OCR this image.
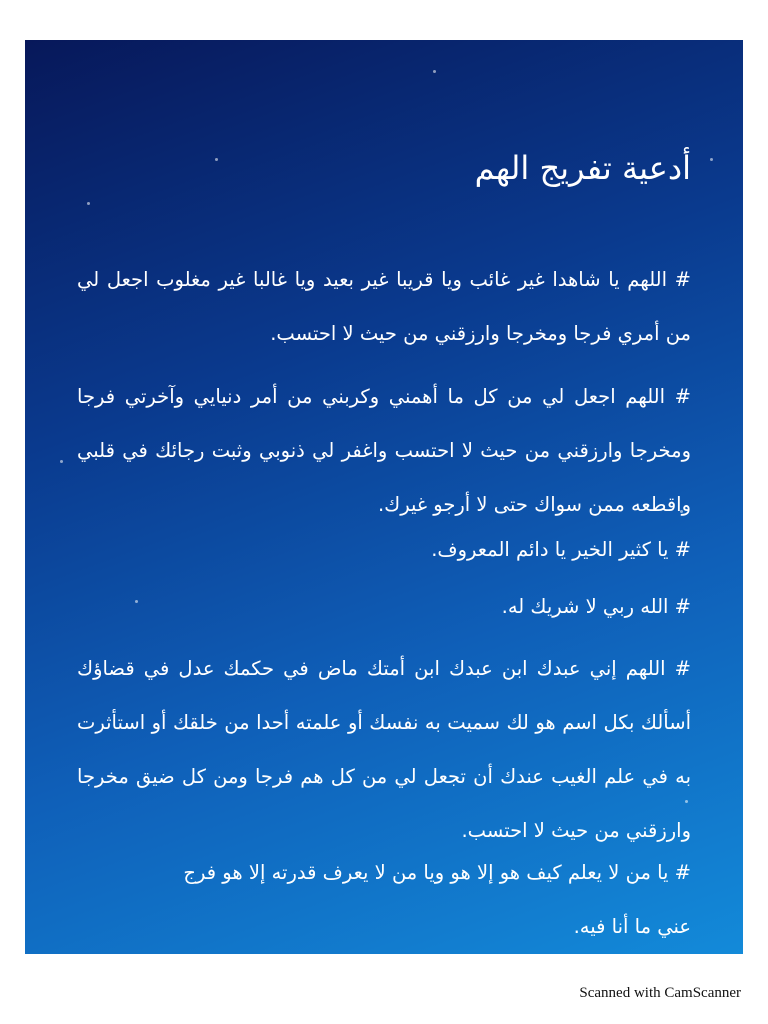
أدعية تفريج الهم
# اللهم يا شاهدا غير غائب ويا قريبا غير بعيد ويا غالبا غير مغلوب اجعل لي من أمري فرجا ومخرجا وارزقني من حيث لا احتسب.
# اللهم اجعل لي من كل ما أهمني وكربني من أمر دنيايي وآخرتي فرجا ومخرجا وارزقني من حيث لا احتسب واغفر لي ذنوبي وثبت رجائك في قلبي واقطعه ممن سواك حتى لا أرجو غيرك.
# يا كثير الخير يا دائم المعروف.
# الله ربي لا شريك له.
# اللهم إني عبدك ابن عبدك ابن أمتك ماض في حكمك عدل في قضاؤك أسألك بكل اسم هو لك سميت به نفسك أو علمته أحدا من خلقك أو استأثرت به في علم الغيب عندك أن تجعل لي من كل هم فرجا ومن كل ضيق مخرجا وارزقني من حيث لا احتسب.
# يا من لا يعلم كيف هو إلا هو ويا من لا يعرف قدرته إلا هو فرج عني ما أنا فيه.
Scanned with CamScanner
